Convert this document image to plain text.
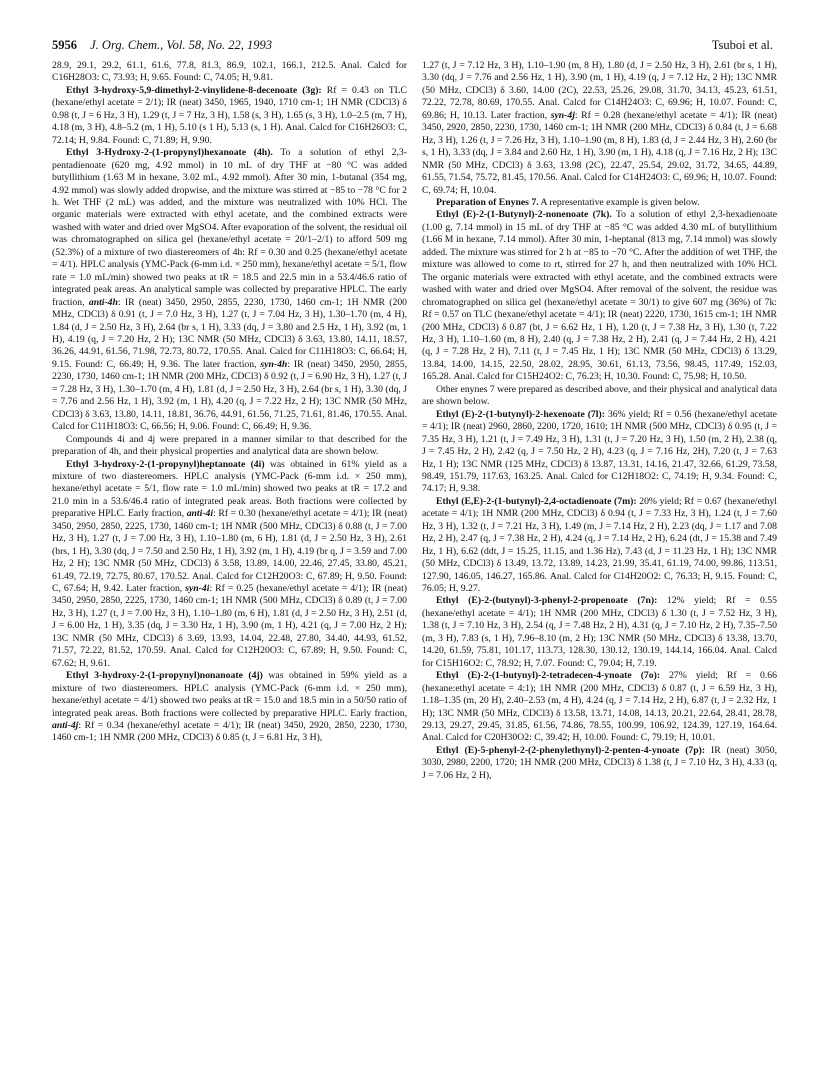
5956 J. Org. Chem., Vol. 58, No. 22, 1993	Tsuboi et al.

28.9, 29.1, 29.2, 61.1, 61.6, 77.8, 81.3, 86.9, 102.1, 166.1, 212.5. Anal. Calcd for C16H28O3: C, 73.93; H, 9.65. Found: C, 74.05; H, 9.81.

Ethyl 3-hydroxy-5,9-dimethyl-2-vinylidene-8-decenoate (3g): Rf = 0.43 on TLC (hexane/ethyl acetate = 2/1); IR (neat) 3450, 1965, 1940, 1710 cm-1; 1H NMR (CDCl3) δ 0.98 (t, J = 6 Hz, 3 H), 1.29 (t, J = 7 Hz, 3 H), 1.58 (s, 3 H), 1.65 (s, 3 H), 1.0–2.5 (m, 7 H), 4.18 (m, 3 H), 4.8–5.2 (m, 1 H), 5.10 (s 1 H), 5.13 (s, 1 H). Anal. Calcd for C16H26O3: C, 72.14; H, 9.84. Found: C, 71.89; H, 9.90.

Ethyl 3-Hydroxy-2-(1-propynyl)hexanoate (4h). To a solution of ethyl 2,3-pentadienoate (620 mg, 4.92 mmol) in 10 mL of dry THF at −80 °C was added butyllithium (1.63 M in hexane, 3.02 mL, 4.92 mmol). After 30 min, 1-butanal (354 mg, 4.92 mmol) was slowly added dropwise, and the mixture was stirred at −85 to −78 °C for 2 h. Wet THF (2 mL) was added, and the mixture was neutralized with 10% HCl. The organic materials were extracted with ethyl acetate, and the combined extracts were washed with water and dried over MgSO4. After evaporation of the solvent, the residual oil was chromatographed on silica gel (hexane/ethyl acetate = 20/1–2/1) to afford 509 mg (52.3%) of a mixture of two diastereomers of 4h: Rf = 0.30 and 0.25 (hexane/ethyl acetate = 4/1). HPLC analysis (YMC-Pack (6-mm i.d. × 250 mm), hexane/ethyl acetate = 5/1, flow rate = 1.0 mL/min) showed two peaks at tR = 18.5 and 22.5 min in a 53.4/46.6 ratio of integrated peak areas. An analytical sample was collected by preparative HPLC. The early fraction, anti-4h: IR (neat) 3450, 2950, 2855, 2230, 1730, 1460 cm-1; 1H NMR (200 MHz, CDCl3) δ 0.91 (t, J = 7.0 Hz, 3 H), 1.27 (t, J = 7.04 Hz, 3 H), 1.30–1.70 (m, 4 H), 1.84 (d, J = 2.50 Hz, 3 H), 2.64 (br s, 1 H), 3.33 (dq, J = 3.80 and 2.5 Hz, 1 H), 3.92 (m, 1 H), 4.19 (q, J = 7.20 Hz, 2 H); 13C NMR (50 MHz, CDCl3) δ 3.63, 13.80, 14.11, 18.57, 36.26, 44.91, 61.56, 71.98, 72.73, 80.72, 170.55. Anal. Calcd for C11H18O3: C, 66.64; H, 9.15. Found: C, 66.49; H, 9.36. The later fraction, syn-4h: IR (neat) 3450, 2950, 2855, 2230, 1730, 1460 cm-1; 1H NMR (200 MHz, CDCl3) δ 0.92 (t, J = 6.90 Hz, 3 H), 1.27 (t, J = 7.28 Hz, 3 H), 1.30–1.70 (m, 4 H), 1.81 (d, J = 2.50 Hz, 3 H), 2.64 (br s, 1 H), 3.30 (dq, J = 7.76 and 2.56 Hz, 1 H), 3.92 (m, 1 H), 4.20 (q, J = 7.22 Hz, 2 H); 13C NMR (50 MHz, CDCl3) δ 3.63, 13.80, 14.11, 18.81, 36.76, 44.91, 61.56, 71.25, 71.61, 81.46, 170.55. Anal. Calcd for C11H18O3: C, 66.56; H, 9.06. Found: C, 66.49; H, 9.36.

Compounds 4i and 4j were prepared in a manner similar to that described for the preparation of 4h, and their physical properties and analytical data are shown below.

Ethyl 3-hydroxy-2-(1-propynyl)heptanoate (4i) was obtained in 61% yield as a mixture of two diastereomers. HPLC analysis (YMC-Pack (6-mm i.d. × 250 mm), hexane/ethyl acetate = 5/1, flow rate = 1.0 mL/min) showed two peaks at tR = 17.2 and 21.0 min in a 53.6/46.4 ratio of integrated peak areas. Both fractions were collected by preparative HPLC. Early fraction, anti-4i: Rf = 0.30 (hexane/ethyl acetate = 4/1); IR (neat) 3450, 2950, 2850, 2225, 1730, 1460 cm-1; 1H NMR (500 MHz, CDCl3) δ 0.88 (t, J = 7.00 Hz, 3 H), 1.27 (t, J = 7.00 Hz, 3 H), 1.10–1.80 (m, 6 H), 1.81 (d, J = 2.50 Hz, 3 H), 2.61 (brs, 1 H), 3.30 (dq, J = 7.50 and 2.50 Hz, 1 H), 3.92 (m, 1 H), 4.19 (br q, J = 3.59 and 7.00 Hz, 2 H); 13C NMR (50 MHz, CDCl3) δ 3.58, 13.89, 14.00, 22.46, 27.45, 33.80, 45.21, 61.49, 72.19, 72.75, 80.67, 170.52. Anal. Calcd for C12H20O3: C, 67.89; H, 9.50. Found: C, 67.64; H, 9.42. Later fraction, syn-4i: Rf = 0.25 (hexane/ethyl acetate = 4/1); IR (neat) 3450, 2950, 2850, 2225, 1730, 1460 cm-1; 1H NMR (500 MHz, CDCl3) δ 0.89 (t, J = 7.00 Hz, 3 H), 1.27 (t, J = 7.00 Hz, 3 H), 1.10–1.80 (m, 6 H), 1.81 (d, J = 2.50 Hz, 3 H), 2.51 (d, J = 6.00 Hz, 1 H), 3.35 (dq, J = 3.30 Hz, 1 H), 3.90 (m, 1 H), 4.21 (q, J = 7.00 Hz, 2 H); 13C NMR (50 MHz, CDCl3) δ 3.69, 13.93, 14.04, 22.48, 27.80, 34.40, 44.93, 61.52, 71.57, 72.22, 81.52, 170.59. Anal. Calcd for C12H20O3: C, 67.89; H, 9.50. Found: C, 67.62; H, 9.61.

Ethyl 3-hydroxy-2-(1-propynyl)nonanoate (4j) was obtained in 59% yield as a mixture of two diastereomers. HPLC analysis (YMC-Pack (6-mm i.d. × 250 mm), hexane/ethyl acetate = 4/1) showed two peaks at tR = 15.0 and 18.5 min in a 50/50 ratio of integrated peak areas. Both fractions were collected by preparative HPLC. Early fraction, anti-4j: Rf = 0.34 (hexane/ethyl acetate = 4/1); IR (neat) 3450, 2920, 2850, 2230, 1730, 1460 cm-1; 1H NMR (200 MHz, CDCl3) δ 0.85 (t, J = 6.81 Hz, 3 H),

1.27 (t, J = 7.12 Hz, 3 H), 1.10–1.90 (m, 8 H), 1.80 (d, J = 2.50 Hz, 3 H), 2.61 (br s, 1 H), 3.30 (dq, J = 7.76 and 2.56 Hz, 1 H), 3.90 (m, 1 H), 4.19 (q, J = 7.12 Hz, 2 H); 13C NMR (50 MHz, CDCl3) δ 3.60, 14.00 (2C), 22.53, 25.26, 29.08, 31.70, 34.13, 45.23, 61.51, 72.22, 72.78, 80.69, 170.55. Anal. Calcd for C14H24O3: C, 69.96; H, 10.07. Found: C, 69.86; H, 10.13. Later fraction, syn-4j: Rf = 0.28 (hexane/ethyl acetate = 4/1); IR (neat) 3450, 2920, 2850, 2230, 1730, 1460 cm-1; 1H NMR (200 MHz, CDCl3) δ 0.84 (t, J = 6.68 Hz, 3 H), 1.26 (t, J = 7.26 Hz, 3 H), 1.10–1.90 (m, 8 H), 1.83 (d, J = 2.44 Hz, 3 H), 2.60 (br s, 1 H), 3.33 (dq, J = 3.84 and 2.60 Hz, 1 H), 3.90 (m, 1 H), 4.18 (q, J = 7.16 Hz, 2 H); 13C NMR (50 MHz, CDCl3) δ 3.63, 13.98 (2C), 22.47, 25.54, 29.02, 31.72, 34.65, 44.89, 61.55, 71.54, 75.72, 81.45, 170.56. Anal. Calcd for C14H24O3: C, 69.96; H, 10.07. Found: C, 69.74; H, 10.04.

Preparation of Enynes 7. A representative example is given below.

Ethyl (E)-2-(1-Butynyl)-2-nonenoate (7k). To a solution of ethyl 2,3-hexadienoate (1.00 g, 7.14 mmol) in 15 mL of dry THF at −85 °C was added 4.30 mL of butyllithium (1.66 M in hexane, 7.14 mmol). After 30 min, 1-heptanal (813 mg, 7.14 mmol) was slowly added. The mixture was stirred for 2 h at −85 to −70 °C. After the addition of wet THF, the mixture was allowed to come to rt, stirred for 27 h, and then neutralized with 10% HCl. The organic materials were extracted with ethyl acetate, and the combined extracts were washed with water and dried over MgSO4. After removal of the solvent, the residue was chromatographed on silica gel (hexane/ethyl acetate = 30/1) to give 607 mg (36%) of 7k: Rf = 0.57 on TLC (hexane/ethyl acetate = 4/1); IR (neat) 2220, 1730, 1615 cm-1; 1H NMR (200 MHz, CDCl3) δ 0.87 (bt, J = 6.62 Hz, 1 H), 1.20 (t, J = 7.38 Hz, 3 H), 1.30 (t, 7.22 Hz, 3 H), 1.10–1.60 (m, 8 H), 2.40 (q, J = 7.38 Hz, 2 H), 2.41 (q, J = 7.44 Hz, 2 H), 4.21 (q, J = 7.28 Hz, 2 H), 7.11 (t, J = 7.45 Hz, 1 H); 13C NMR (50 MHz, CDCl3) δ 13.29, 13.84, 14.00, 14.15, 22.50, 28.02, 28.95, 30.61, 61.13, 73.56, 98.45, 117.49, 152.03, 165.28. Anal. Calcd for C15H24O2: C, 76.23; H, 10.30. Found: C, 75.98; H, 10.50.

Other enynes 7 were prepared as described above, and their physical and analytical data are shown below.

Ethyl (E)-2-(1-butynyl)-2-hexenoate (7l): 36% yield; Rf = 0.56 (hexane/ethyl acetate = 4/1); IR (neat) 2960, 2860, 2200, 1720, 1610; 1H NMR (500 MHz, CDCl3) δ 0.95 (t, J = 7.35 Hz, 3 H), 1.21 (t, J = 7.49 Hz, 3 H), 1.31 (t, J = 7.20 Hz, 3 H), 1.50 (m, 2 H), 2.38 (q, J = 7.45 Hz, 2 H), 2.42 (q, J = 7.50 Hz, 2 H), 4.23 (q, J = 7.16 Hz, 2H), 7.20 (t, J = 7.63 Hz, 1 H); 13C NMR (125 MHz, CDCl3) δ 13.87, 13.31, 14.16, 21.47, 32.66, 61.29, 73.58, 98.49, 151.79, 117.63, 163.25. Anal. Calcd for C12H18O2: C, 74.19; H, 9.34. Found: C, 74.17; H, 9.38.

Ethyl (E,E)-2-(1-butynyl)-2,4-octadienoate (7m): 20% yield; Rf = 0.67 (hexane/ethyl acetate = 4/1); 1H NMR (200 MHz, CDCl3) δ 0.94 (t, J = 7.33 Hz, 3 H), 1.24 (t, J = 7.60 Hz, 3 H), 1.32 (t, J = 7.21 Hz, 3 H), 1.49 (m, J = 7.14 Hz, 2 H), 2.23 (dq, J = 1.17 and 7.08 Hz, 2 H), 2.47 (q, J = 7.38 Hz, 2 H), 4.24 (q, J = 7.14 Hz, 2 H), 6.24 (dt, J = 15.38 and 7.49 Hz, 1 H), 6.62 (ddt, J = 15.25, 11.15, and 1.36 Hz), 7.43 (d, J = 11.23 Hz, 1 H); 13C NMR (50 MHz, CDCl3) δ 13.49, 13.72, 13.89, 14.23, 21.99, 35.41, 61.19, 74.00, 99.86, 113.51, 127.90, 146.05, 146.27, 165.86. Anal. Calcd for C14H20O2: C, 76.33; H, 9.15. Found: C, 76.05; H, 9.27.

Ethyl (E)-2-(butynyl)-3-phenyl-2-propenoate (7n): 12% yield; Rf = 0.55 (hexane/ethyl acetate = 4/1); 1H NMR (200 MHz, CDCl3) δ 1.30 (t, J = 7.52 Hz, 3 H), 1.38 (t, J = 7.10 Hz, 3 H), 2.54 (q, J = 7.48 Hz, 2 H), 4.31 (q, J = 7.10 Hz, 2 H), 7.35–7.50 (m, 3 H), 7.83 (s, 1 H), 7.96–8.10 (m, 2 H); 13C NMR (50 MHz, CDCl3) δ 13.38, 13.70, 14.20, 61.59, 75.81, 101.17, 113.73, 128.30, 130.12, 130.19, 144.14, 166.04. Anal. Calcd for C15H16O2: C, 78.92; H, 7.07. Found: C, 79.04; H, 7.19.

Ethyl (E)-2-(1-butynyl)-2-tetradecen-4-ynoate (7o): 27% yield; Rf = 0.66 (hexane:ethyl acetate = 4:1); 1H NMR (200 MHz, CDCl3) δ 0.87 (t, J = 6.59 Hz, 3 H), 1.18–1.35 (m, 20 H), 2.40–2.53 (m, 4 H), 4.24 (q, J = 7.14 Hz, 2 H), 6.87 (t, J = 2.32 Hz, 1 H); 13C NMR (50 MHz, CDCl3) δ 13.58, 13.71, 14.08, 14.13, 20.21, 22.64, 28.41, 28.78, 29.13, 29.27, 29.45, 31.85, 61.56, 74.86, 78.55, 100.99, 106.92, 124.39, 127.19, 164.64. Anal. Calcd for C20H30O2: C, 39.42; H, 10.00. Found: C, 79.19; H, 10.01.

Ethyl (E)-5-phenyl-2-(2-phenylethynyl)-2-penten-4-ynoate (7p): IR (neat) 3050, 3030, 2980, 2200, 1720; 1H NMR (200 MHz, CDCl3) δ 1.38 (t, J = 7.10 Hz, 3 H), 4.33 (q, J = 7.06 Hz, 2 H),
